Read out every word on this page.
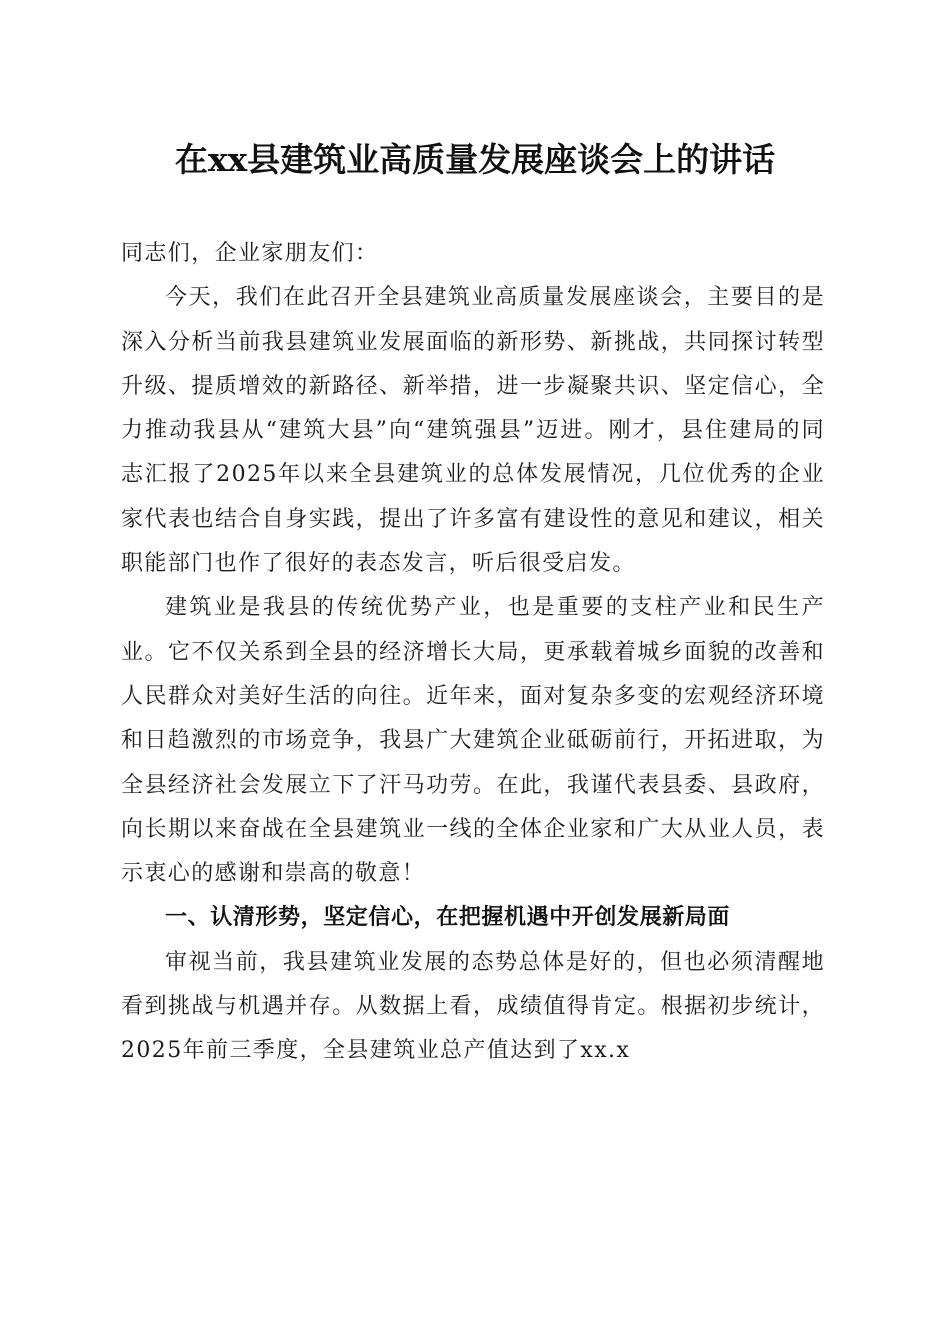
在xx县建筑业高质量发展座谈会上的讲话

同志们，企业家朋友们：

今天，我们在此召开全县建筑业高质量发展座谈会，主要目的是深入分析当前我县建筑业发展面临的新形势、新挑战，共同探讨转型升级、提质增效的新路径、新举措，进一步凝聚共识、坚定信心，全力推动我县从“建筑大县”向“建筑强县”迈进。刚才，县住建局的同志汇报了2025年以来全县建筑业的总体发展情况，几位优秀的企业家代表也结合自身实践，提出了许多富有建设性的意见和建议，相关职能部门也作了很好的表态发言，听后很受启发。

建筑业是我县的传统优势产业，也是重要的支柱产业和民生产业。它不仅关系到全县的经济增长大局，更承载着城乡面貌的改善和人民群众对美好生活的向往。近年来，面对复杂多变的宏观经济环境和日趋激烈的市场竞争，我县广大建筑企业砥砺前行，开拓进取，为全县经济社会发展立下了汗马功劳。在此，我谨代表县委、县政府，向长期以来奋战在全县建筑业一线的全体企业家和广大从业人员，表示衷心的感谢和崇高的敬意！

一、认清形势，坚定信心，在把握机遇中开创发展新局面

审视当前，我县建筑业发展的态势总体是好的，但也必须清醒地看到挑战与机遇并存。从数据上看，成绩值得肯定。根据初步统计，2025年前三季度，全县建筑业总产值达到了xx.x
